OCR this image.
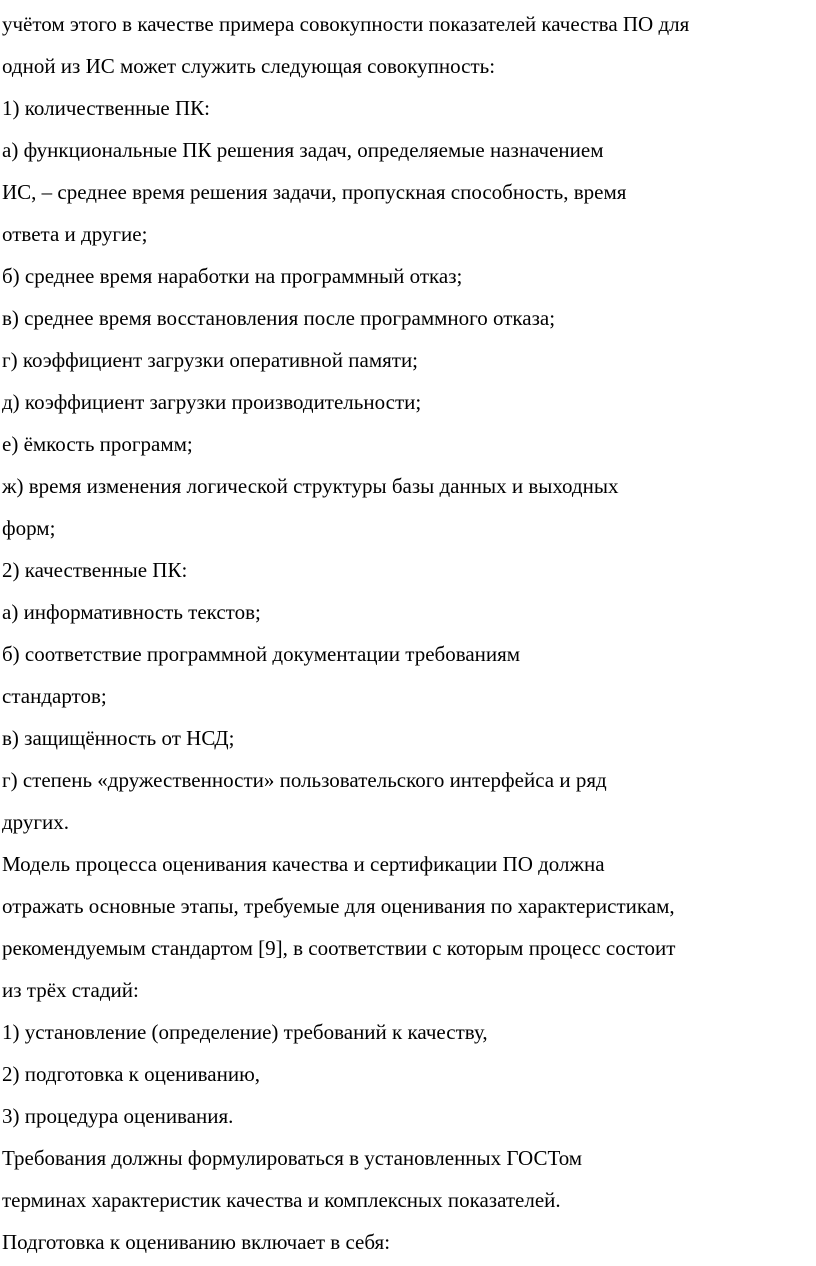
учётом этого в качестве примера совокупности показателей качества ПО для

одной из ИС может служить следующая совокупность:

1) количественные ПК:

а) функциональные ПК решения задач, определяемые назначением

ИС, – среднее время решения задачи, пропускная способность, время

ответа и другие;

б) среднее время наработки на программный отказ;

в) среднее время восстановления после программного отказа;

г) коэффициент загрузки оперативной памяти;

д) коэффициент загрузки производительности;

е) ёмкость программ;

ж) время изменения логической структуры базы данных и выходных

форм;

2) качественные ПК:

а) информативность текстов;

б) соответствие программной документации требованиям

стандартов;

в) защищённость от НСД;

г) степень «дружественности» пользовательского интерфейса и ряд

других.

Модель процесса оценивания качества и сертификации ПО должна

отражать основные этапы, требуемые для оценивания по характеристикам,

рекомендуемым стандартом [9], в соответствии с которым процесс состоит

из трёх стадий:

1) установление (определение) требований к качеству,

2) подготовка к оцениванию,

3) процедура оценивания.

Требования должны формулироваться в установленных ГОСТом

терминах характеристик качества и комплексных показателей.

Подготовка к оцениванию включает в себя:
